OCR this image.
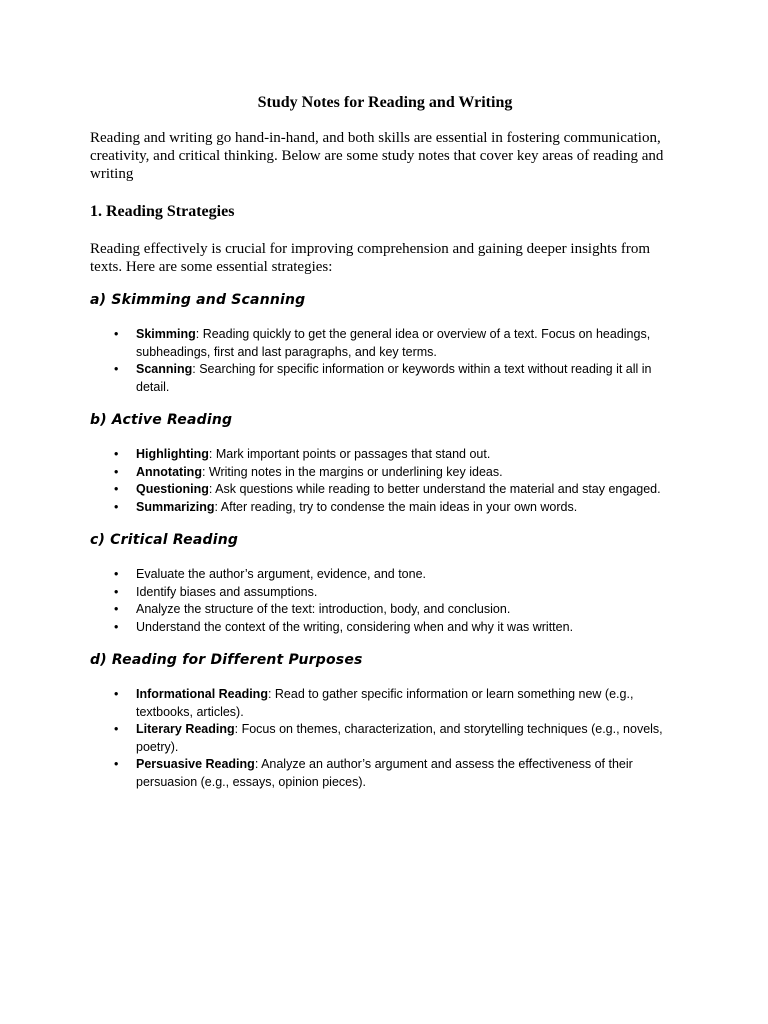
Study Notes for Reading and Writing

Reading and writing go hand-in-hand, and both skills are essential in fostering communication, creativity, and critical thinking. Below are some study notes that cover key areas of reading and writing

1. Reading Strategies

Reading effectively is crucial for improving comprehension and gaining deeper insights from texts. Here are some essential strategies:

a) Skimming and Scanning
• Skimming: Reading quickly to get the general idea or overview of a text. Focus on headings, subheadings, first and last paragraphs, and key terms.
• Scanning: Searching for specific information or keywords within a text without reading it all in detail.
b) Active Reading
• Highlighting: Mark important points or passages that stand out.
• Annotating: Writing notes in the margins or underlining key ideas.
• Questioning: Ask questions while reading to better understand the material and stay engaged.
• Summarizing: After reading, try to condense the main ideas in your own words.
c) Critical Reading
• Evaluate the author’s argument, evidence, and tone.
• Identify biases and assumptions.
• Analyze the structure of the text: introduction, body, and conclusion.
• Understand the context of the writing, considering when and why it was written.
d) Reading for Different Purposes
• Informational Reading: Read to gather specific information or learn something new (e.g., textbooks, articles).
• Literary Reading: Focus on themes, characterization, and storytelling techniques (e.g., novels, poetry).
• Persuasive Reading: Analyze an author’s argument and assess the effectiveness of their persuasion (e.g., essays, opinion pieces).
